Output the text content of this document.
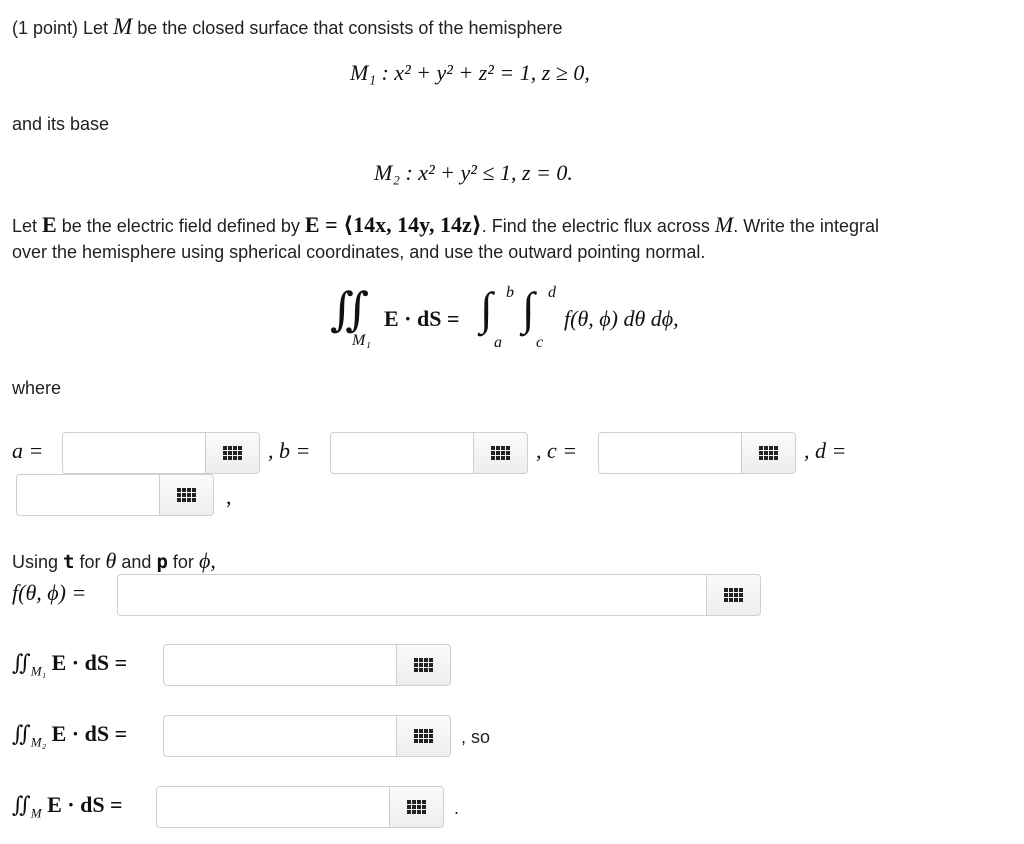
(1 point) Let M be the closed surface that consists of the hemisphere
M₁ : x² + y² + z² = 1, z ≥ 0,
and its base
M₂ : x² + y² ≤ 1, z = 0.
Let E be the electric field defined by E = ⟨14x, 14y, 14z⟩. Find the electric flux across M. Write the integral
over the hemisphere using spherical coordinates, and use the outward pointing normal.
∬
M₁
E · dS = ∫ b
a
∫ d
c
f(θ, ϕ) dθ dϕ,
where
a =	, b =	, c =	, d =
,
Using t for θ and p for ϕ,
f(θ, ϕ) =
$∬_{M_1}$ E · dS =
$∬_{M_2}$ E · dS =	, so
$∬_M$ E · dS =	.
